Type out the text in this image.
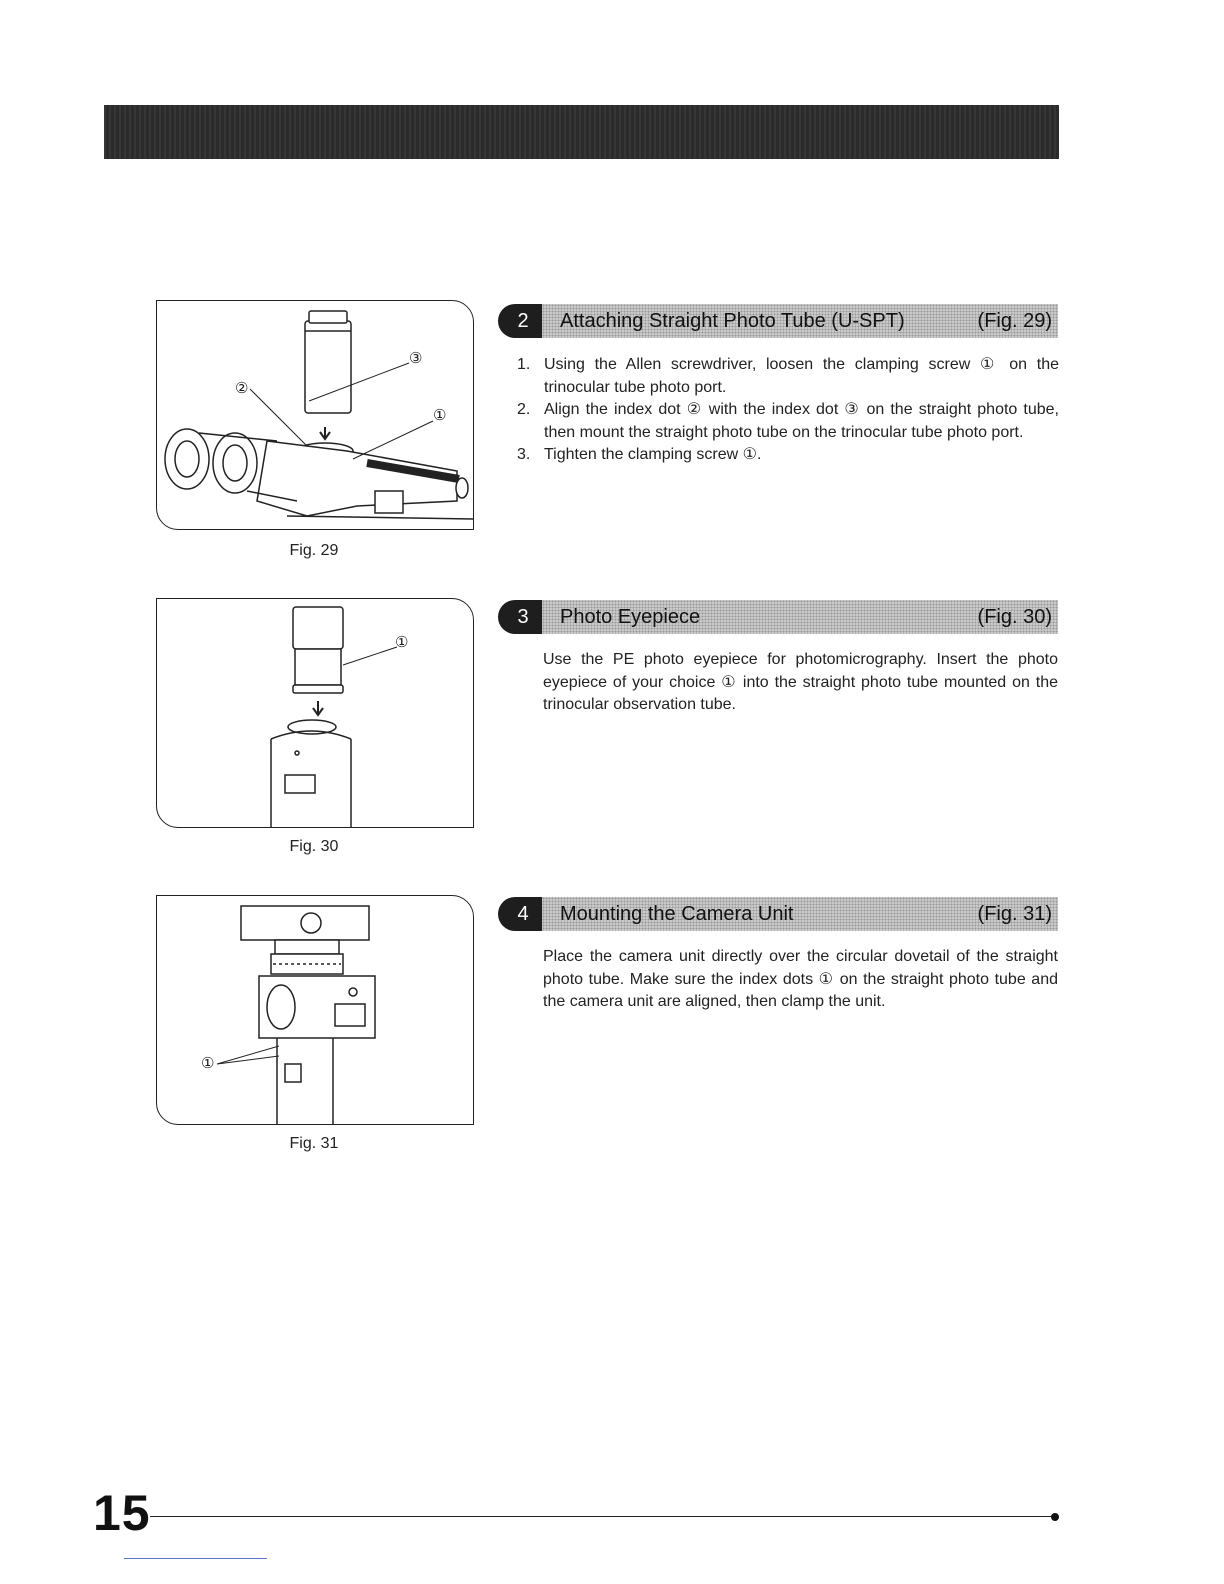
③
②
①
Fig. 29
①
Fig. 30
①
Fig. 31
2	Attaching Straight Photo Tube (U-SPT)	(Fig. 29)
1. Using the Allen screwdriver, loosen the clamping screw ① on the trinocular tube photo port.
2. Align the index dot ② with the index dot ③ on the straight photo tube, then mount the straight photo tube on the trinocular tube photo port.
3. Tighten the clamping screw ①.
3	Photo Eyepiece	(Fig. 30)

Use the PE photo eyepiece for photomicrography. Insert the photo eyepiece of your choice ① into the straight photo tube mounted on the trinocular observation tube.

4	Mounting the Camera Unit	(Fig. 31)

Place the camera unit directly over the circular dovetail of the straight photo tube. Make sure the index dots ① on the straight photo tube and the camera unit are aligned, then clamp the unit.

15
